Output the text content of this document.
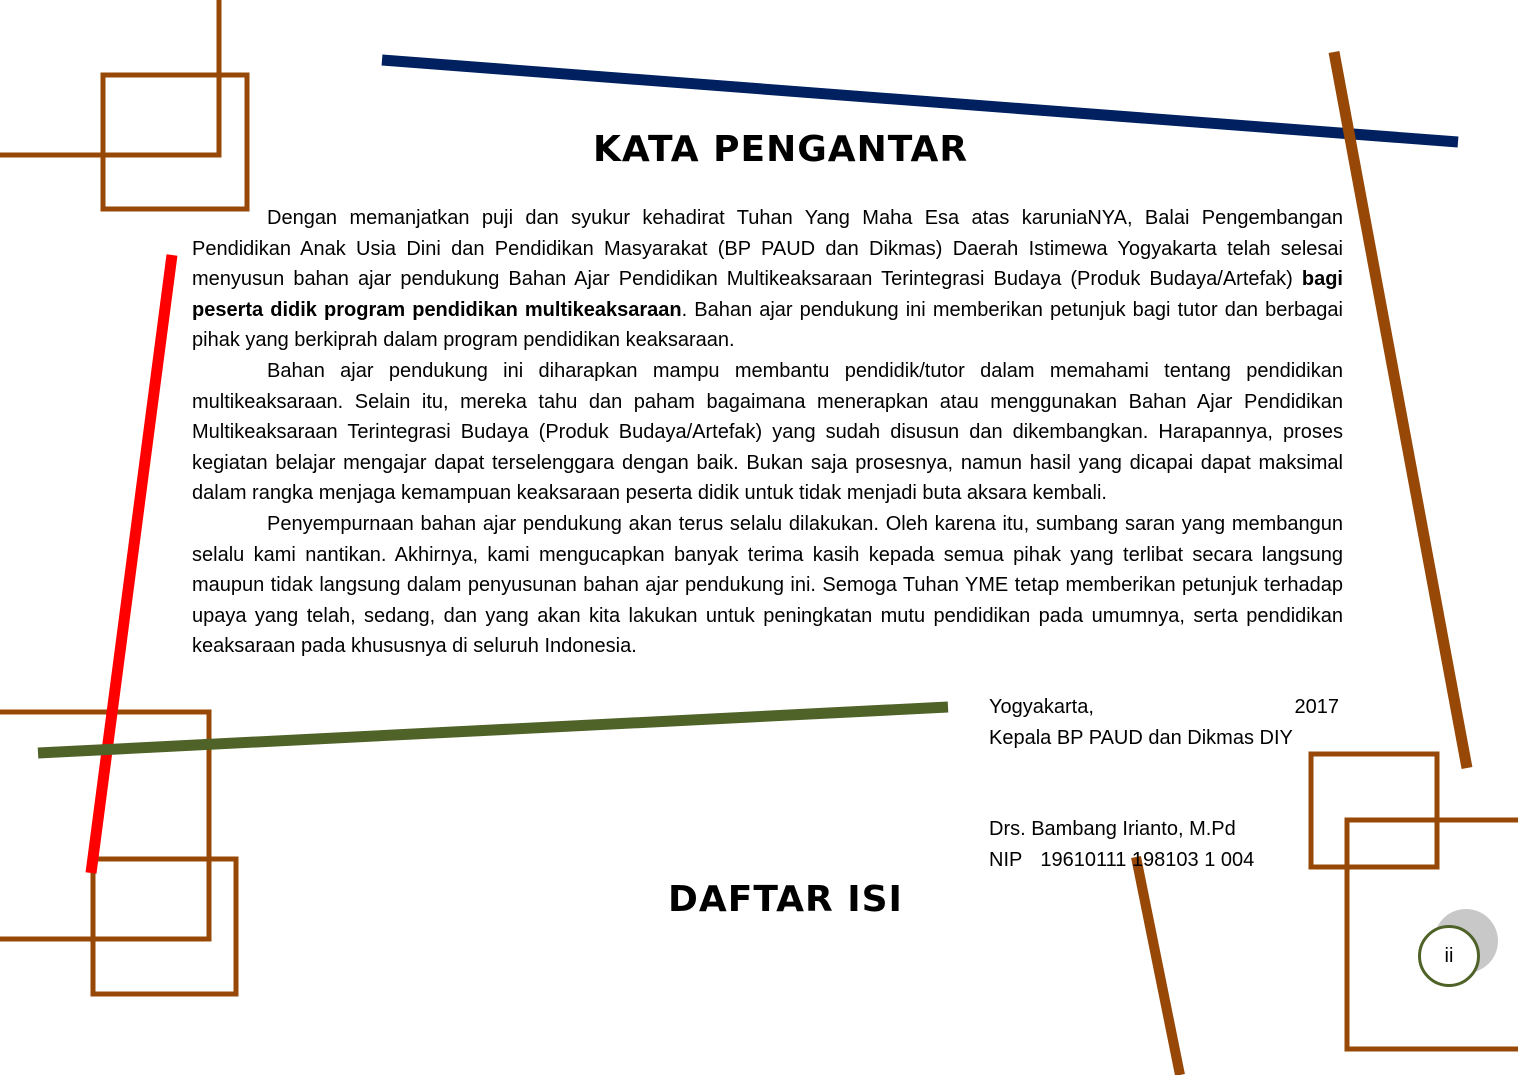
KATA PENGANTAR

Dengan memanjatkan puji dan syukur kehadirat Tuhan Yang Maha Esa atas karuniaNYA, Balai Pengembangan Pendidikan Anak Usia Dini dan Pendidikan Masyarakat (BP PAUD dan Dikmas) Daerah Istimewa Yogyakarta telah selesai menyusun bahan ajar pendukung Bahan Ajar Pendidikan Multikeaksaraan Terintegrasi Budaya (Produk Budaya/Artefak) bagi peserta didik program pendidikan multikeaksaraan. Bahan ajar pendukung ini memberikan petunjuk bagi tutor dan berbagai pihak yang berkiprah dalam program pendidikan keaksaraan.

Bahan ajar pendukung ini diharapkan mampu membantu pendidik/tutor dalam memahami tentang pendidikan multikeaksaraan. Selain itu, mereka tahu dan paham bagaimana menerapkan atau menggunakan Bahan Ajar Pendidikan Multikeaksaraan Terintegrasi Budaya (Produk Budaya/Artefak) yang sudah disusun dan dikembangkan. Harapannya, proses kegiatan belajar mengajar dapat terselenggara dengan baik. Bukan saja prosesnya, namun hasil yang dicapai dapat maksimal dalam rangka menjaga kemampuan keaksaraan peserta didik untuk tidak menjadi buta aksara kembali.

Penyempurnaan bahan ajar pendukung akan terus selalu dilakukan. Oleh karena itu, sumbang saran yang membangun selalu kami nantikan. Akhirnya, kami mengucapkan banyak terima kasih kepada semua pihak yang terlibat secara langsung maupun tidak langsung dalam penyusunan bahan ajar pendukung ini. Semoga Tuhan YME tetap memberikan petunjuk terhadap upaya yang telah, sedang, dan yang akan kita lakukan untuk peningkatan mutu pendidikan pada umumnya, serta pendidikan keaksaraan pada khususnya di seluruh Indonesia.

Yogyakarta,	2017
Kepala BP PAUD dan Dikmas DIY
Drs. Bambang Irianto, M.Pd
NIP 19610111 198103 1 004
DAFTAR ISI
ii
